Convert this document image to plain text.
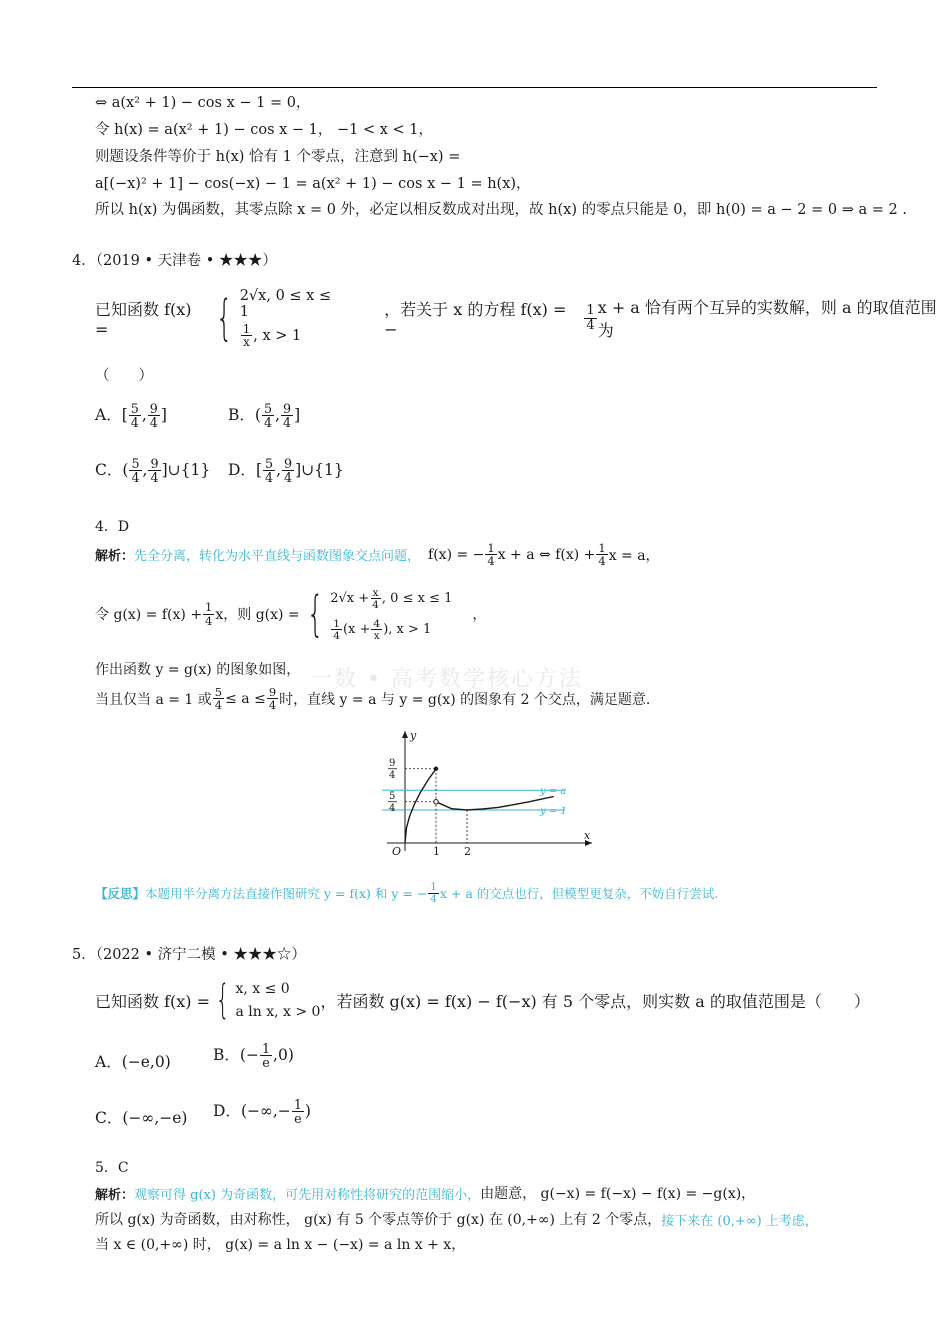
⇔ a(x² + 1) − cos x − 1 = 0，
令 h(x) = a(x² + 1) − cos x − 1， −1 < x < 1，
则题设条件等价于 h(x) 恰有 1 个零点，注意到 h(−x) =
a[(−x)² + 1] − cos(−x) − 1 = a(x² + 1) − cos x − 1 = h(x)，
所以 h(x) 为偶函数，其零点除 x = 0 外，必定以相反数成对出现，故 h(x) 的零点只能是 0，即 h(0) = a − 2 = 0 ⇒ a = 2 .
4．（2019 • 天津卷 • ★★★）
已知函数 f(x) =	{ 2√x, 0 ≤ x ≤ 1
$\frac{1}{x}$ , x > 1
，若关于 x 的方程 f(x) = −	$\frac{1}{4}$ x + a 恰有两个互异的实数解，则 a 的取值范围为
（　　）
A．[ $\frac{5}{4}$ , $\frac{9}{4}$ ]	B．( $\frac{5}{4}$ , $\frac{9}{4}$ ]
C．( $\frac{5}{4}$ , $\frac{9}{4}$ ]∪{1} D．[ $\frac{5}{4}$ , $\frac{9}{4}$ ]∪{1}
4．D
解析： 先全分离，转化为水平直线与函数图象交点问题， f(x) = − $\frac{1}{4}$ x + a ⇔ $f(x) + \frac{1}{4}$ x = a，
令 $g(x) = f(x) + \frac{1}{4}$ x，则 g(x) = { $2√x + \frac{x}{4}$ , 0 ≤ x ≤ 1
$\frac{1}{4} (x + \frac{4}{x}$ ), x > 1
，
作出函数 y = g(x) 的图象如图，
当且仅当 a = 1 或 $\frac{5}{4} \le a \le \frac{9}{4}$ 时，直线 y = a 与 y = g(x) 的图象有 2 个交点，满足题意.
一数 • 高考数学核心方法
x
y
O
y = a
y = 1
1 2
9
4
5
4
【反思】 本题用半分离方法直接作图研究 y = f(x) 和 y = − $\frac{1}{4}$ x + a 的交点也行，但模型更复杂，不妨自行尝试.
5．（2022 • 济宁二模 • ★★★☆）
已知函数 f(x) = { x, x ≤ 0
a ln x, x > 0
，若函数 g(x) = f(x) − f(−x) 有 5 个零点，则实数 a 的取值范围是（　　）
A．(−e,0)	B．(− $\frac{1}{e} ,0$)
C．(−∞,−e) D．(−∞,− $\frac{1}{e}$ )
5．C
解析： 观察可得 g(x) 为奇函数，可先用对称性将研究的范围缩小， 由题意， g(−x) = f(−x) − f(x) = −g(x)，
所以 g(x) 为奇函数，由对称性， g(x) 有 5 个零点等价于 g(x) 在 (0,+∞) 上有 2 个零点， 接下来在 (0,+∞) 上考虑，
当 x ∈ (0,+∞) 时， g(x) = a ln x − (−x) = a ln x + x，
